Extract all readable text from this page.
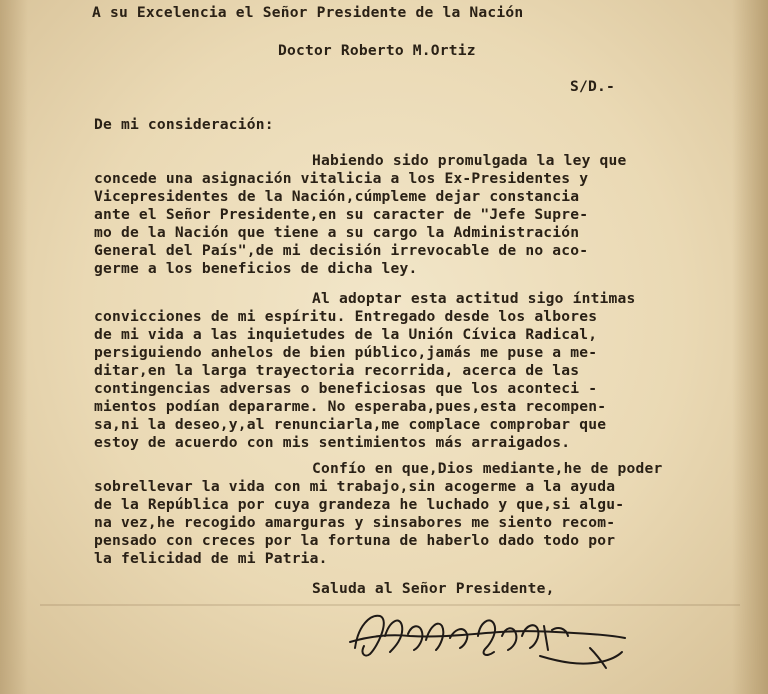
A su Excelencia el Señor Presidente de la Nación
Doctor Roberto M.Ortiz
S/D.-
De mi consideración:
Habiendo sido promulgada la ley que
concede una asignación vitalicia a los Ex-Presidentes y
Vicepresidentes de la Nación,cúmpleme dejar constancia
ante el Señor Presidente,en su caracter de "Jefe Supre-
mo de la Nación que tiene a su cargo la Administración
General del País",de mi decisión irrevocable de no aco-
germe a los beneficios de dicha ley.
Al adoptar esta actitud sigo íntimas
convicciones de mi espíritu. Entregado desde los albores
de mi vida a las inquietudes de la Unión Cívica Radical,
persiguiendo anhelos de bien público,jamás me puse a me-
ditar,en la larga trayectoria recorrida, acerca de las
contingencias adversas o beneficiosas que los aconteci -
mientos podían depararme. No esperaba,pues,esta recompen-
sa,ni la deseo,y,al renunciarla,me complace comprobar que
estoy de acuerdo con mis sentimientos más arraigados.
Confío en que,Dios mediante,he de poder
sobrellevar la vida con mi trabajo,sin acogerme a la ayuda
de la República por cuya grandeza he luchado y que,si algu-
na vez,he recogido amarguras y sinsabores me siento recom-
pensado con creces por la fortuna de haberlo dado todo por
la felicidad de mi Patria.
Saluda al Señor Presidente,
